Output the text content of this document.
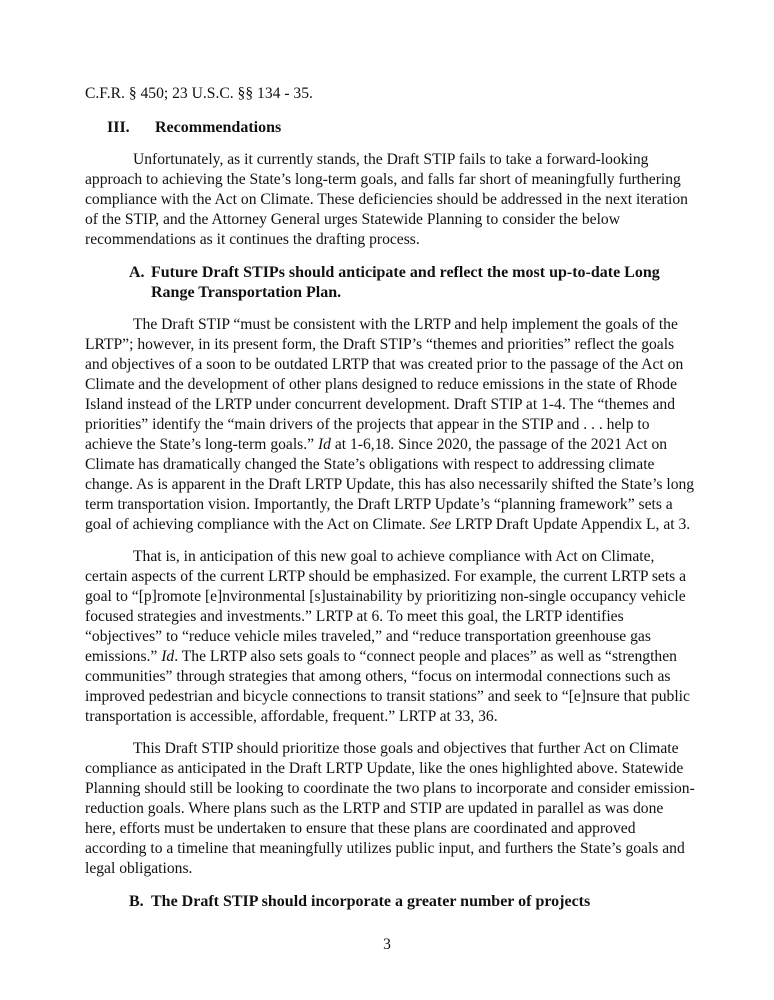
C.F.R. § 450; 23 U.S.C. §§ 134 - 35.

III. Recommendations

Unfortunately, as it currently stands, the Draft STIP fails to take a forward-looking approach to achieving the State’s long-term goals, and falls far short of meaningfully furthering compliance with the Act on Climate. These deficiencies should be addressed in the next iteration of the STIP, and the Attorney General urges Statewide Planning to consider the below recommendations as it continues the drafting process.

A. Future Draft STIPs should anticipate and reflect the most up-to-date Long Range Transportation Plan.

The Draft STIP “must be consistent with the LRTP and help implement the goals of the LRTP”; however, in its present form, the Draft STIP’s “themes and priorities” reflect the goals and objectives of a soon to be outdated LRTP that was created prior to the passage of the Act on Climate and the development of other plans designed to reduce emissions in the state of Rhode Island instead of the LRTP under concurrent development. Draft STIP at 1-4. The “themes and priorities” identify the “main drivers of the projects that appear in the STIP and . . . help to achieve the State’s long-term goals.” Id at 1-6,18. Since 2020, the passage of the 2021 Act on Climate has dramatically changed the State’s obligations with respect to addressing climate change. As is apparent in the Draft LRTP Update, this has also necessarily shifted the State’s long term transportation vision. Importantly, the Draft LRTP Update’s “planning framework” sets a goal of achieving compliance with the Act on Climate. See LRTP Draft Update Appendix L, at 3.

That is, in anticipation of this new goal to achieve compliance with Act on Climate, certain aspects of the current LRTP should be emphasized. For example, the current LRTP sets a goal to “[p]romote [e]nvironmental [s]ustainability by prioritizing non-single occupancy vehicle focused strategies and investments.” LRTP at 6. To meet this goal, the LRTP identifies “objectives” to “reduce vehicle miles traveled,” and “reduce transportation greenhouse gas emissions.” Id. The LRTP also sets goals to “connect people and places” as well as “strengthen communities” through strategies that among others, “focus on intermodal connections such as improved pedestrian and bicycle connections to transit stations” and seek to “[e]nsure that public transportation is accessible, affordable, frequent.” LRTP at 33, 36.

This Draft STIP should prioritize those goals and objectives that further Act on Climate compliance as anticipated in the Draft LRTP Update, like the ones highlighted above. Statewide Planning should still be looking to coordinate the two plans to incorporate and consider emission-reduction goals. Where plans such as the LRTP and STIP are updated in parallel as was done here, efforts must be undertaken to ensure that these plans are coordinated and approved according to a timeline that meaningfully utilizes public input, and furthers the State’s goals and legal obligations.

B. The Draft STIP should incorporate a greater number of projects

3
